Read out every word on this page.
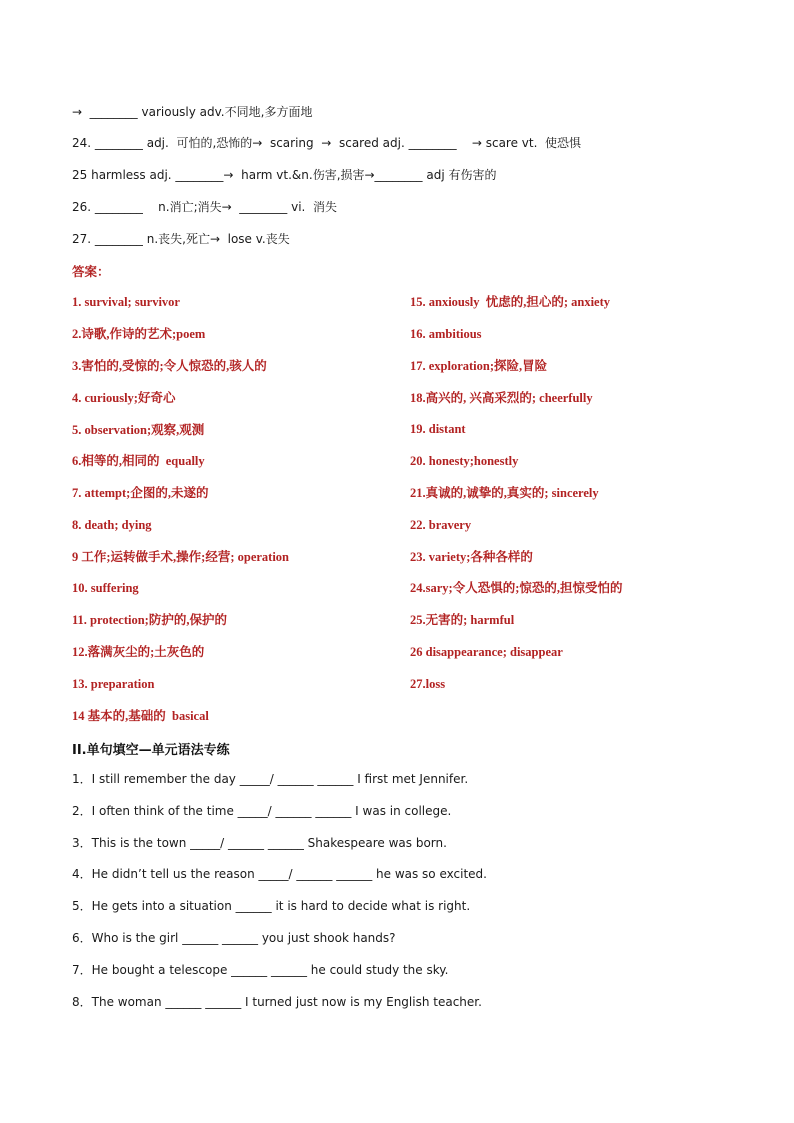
→  ________ variously adv.不同地,多方面地
24. ________ adj.  可怕的,恐怖的→  scaring  →  scared adj. ________    → scare vt.  使恐惧
25 harmless adj. ________→  harm vt.&n.伤害,损害→________ adj 有伤害的
26. ________    n.消亡;消失→  ________ vi.  消失
27. ________ n.丧失,死亡→  lose v.丧失
答案：
1. survival; survivor
2.诗歌,作诗的艺术;poem
3.害怕的,受惊的;令人惊恐的,骇人的
4. curiously;好奇心
5. observation;观察,观测
6.相等的,相同的  equally
7. attempt;企图的,未遂的
8. death; dying
9 工作;运转做手术,操作;经营; operation
10. suffering
11. protection;防护的,保护的
12.落满灰尘的;土灰色的
13. preparation
14 基本的,基础的  basical
15. anxiously  忧虑的,担心的; anxiety
16. ambitious
17. exploration;探险,冒险
18.高兴的, 兴高采烈的; cheerfully
19. distant
20. honesty;honestly
21.真诚的,诚挚的,真实的; sincerely
22. bravery
23. variety;各种各样的
24.sary;令人恐惧的;惊恐的,担惊受怕的
25.无害的; harmful
26 disappearance; disappear
27.loss
II.单句填空—单元语法专练
1．I still remember the day _____/ ______ ______ I first met Jennifer.
2．I often think of the time _____/ ______ ______ I was in college.
3．This is the town _____/ ______ ______ Shakespeare was born.
4．He didn’t tell us the reason _____/ ______ ______ he was so excited.
5．He gets into a situation ______ it is hard to decide what is right.
6．Who is the girl ______ ______ you just shook hands?
7．He bought a telescope ______ ______ he could study the sky.
8．The woman ______ ______ I turned just now is my English teacher.
